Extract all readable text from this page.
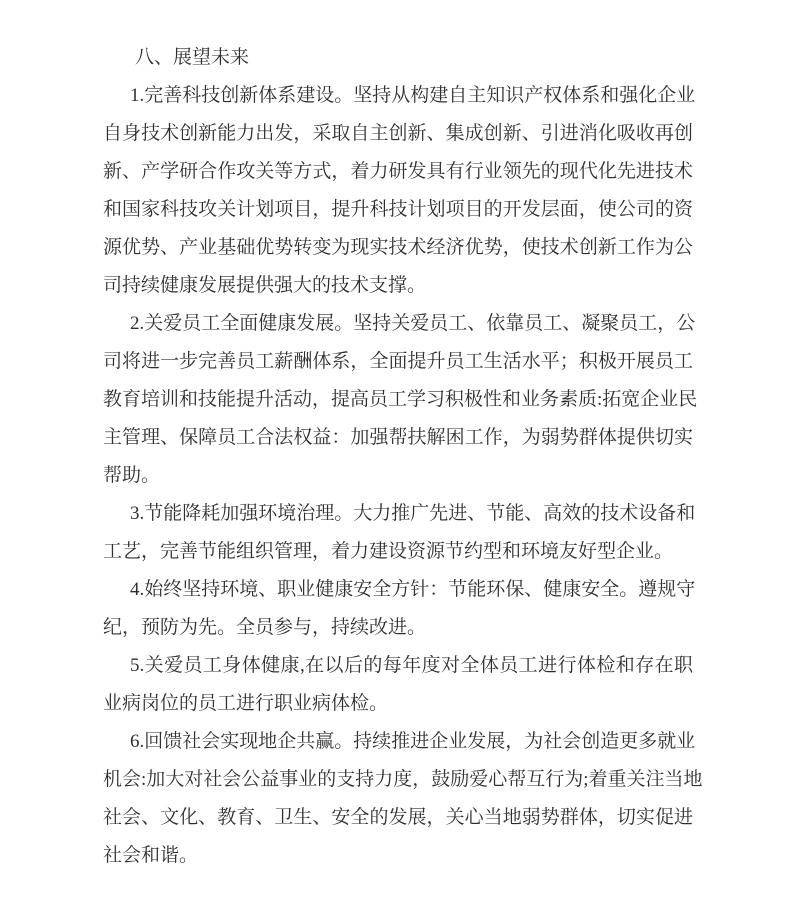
八、展望未来
1.完善科技创新体系建设。坚持从构建自主知识产权体系和强化企业
自身技术创新能力出发，采取自主创新、集成创新、引进消化吸收再创
新、产学研合作攻关等方式，着力研发具有行业领先的现代化先进技术
和国家科技攻关计划项目，提升科技计划项目的开发层面，使公司的资
源优势、产业基础优势转变为现实技术经济优势，使技术创新工作为公
司持续健康发展提供强大的技术支撑。
2.关爱员工全面健康发展。坚持关爱员工、依靠员工、凝聚员工，公
司将进一步完善员工薪酬体系，全面提升员工生活水平；积极开展员工
教育培训和技能提升活动，提高员工学习积极性和业务素质:拓宽企业民
主管理、保障员工合法权益：加强帮扶解困工作，为弱势群体提供切实
帮助。
3.节能降耗加强环境治理。大力推广先进、节能、高效的技术设备和
工艺，完善节能组织管理，着力建设资源节约型和环境友好型企业。
4.始终坚持环境、职业健康安全方针：节能环保、健康安全。遵规守
纪，预防为先。全员参与，持续改进。
5.关爱员工身体健康,在以后的每年度对全体员工进行体检和存在职
业病岗位的员工进行职业病体检。
6.回馈社会实现地企共赢。持续推进企业发展，为社会创造更多就业
机会:加大对社会公益事业的支持力度，鼓励爱心帮互行为;着重关注当地
社会、文化、教育、卫生、安全的发展，关心当地弱势群体，切实促进
社会和谐。
